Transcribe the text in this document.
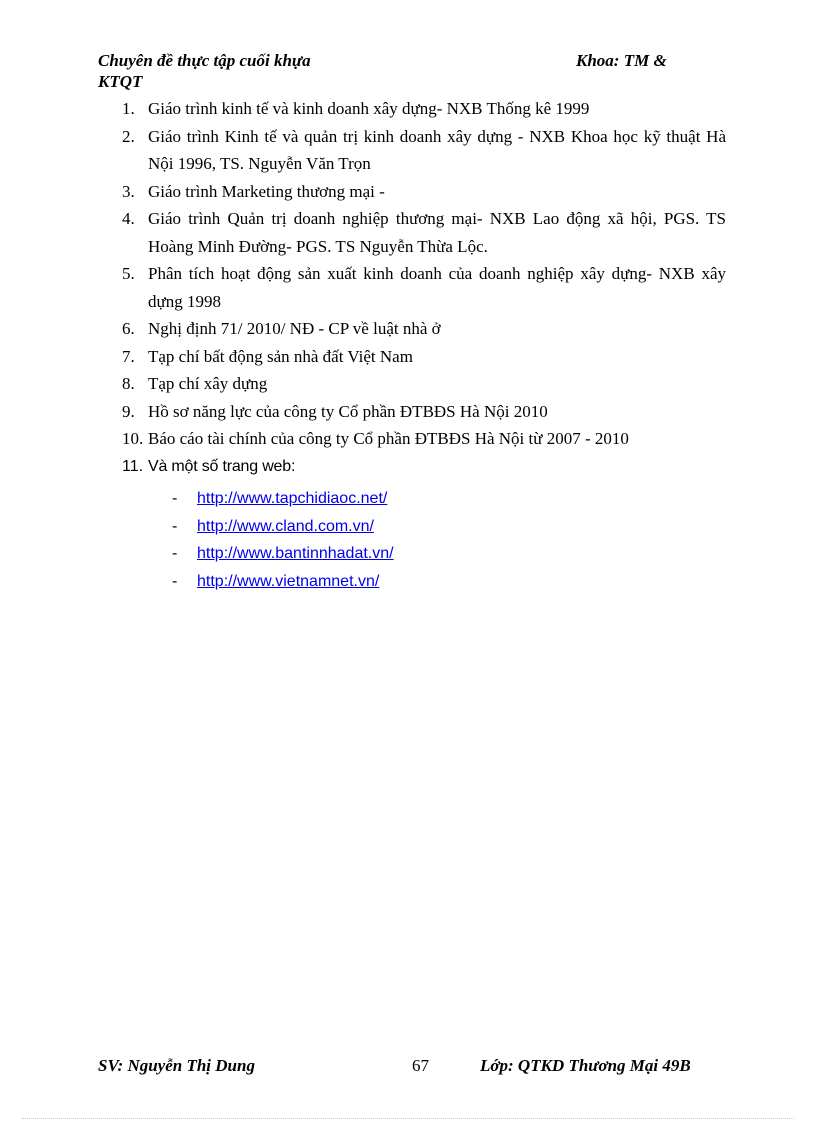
Chuyên đề thực tập cuối khựa	Khoa: TM &
KTQT
1. Giáo trình kinh tế và kinh doanh xây dựng- NXB Thống kê 1999
2. Giáo trình Kinh tế và quản trị kinh doanh xây dựng - NXB Khoa học kỹ thuật Hà Nội 1996, TS. Nguyễn Văn Trọn
3. Giáo trình Marketing thương mại -
4. Giáo trình Quản trị doanh nghiệp thương mại- NXB Lao động xã hội, PGS. TS Hoàng Minh Đường- PGS. TS Nguyễn Thừa Lộc.
5. Phân tích hoạt động sản xuất kinh doanh của doanh nghiệp xây dựng- NXB xây dựng 1998
6. Nghị định 71/ 2010/ NĐ - CP về luật nhà ở
7. Tạp chí bất động sản nhà đất Việt Nam
8. Tạp chí xây dựng
9. Hồ sơ năng lực của công ty Cổ phần ĐTBĐS Hà Nội 2010
10. Báo cáo tài chính của công ty Cổ phần ĐTBĐS Hà Nội từ 2007 - 2010
11. Và một số trang web:
- http://www.tapchidiaoc.net/
- http://www.cland.com.vn/
- http://www.bantinnhadat.vn/
- http://www.vietnamnet.vn/
SV: Nguyễn Thị Dung	67	Lớp: QTKD Thương Mại 49B
